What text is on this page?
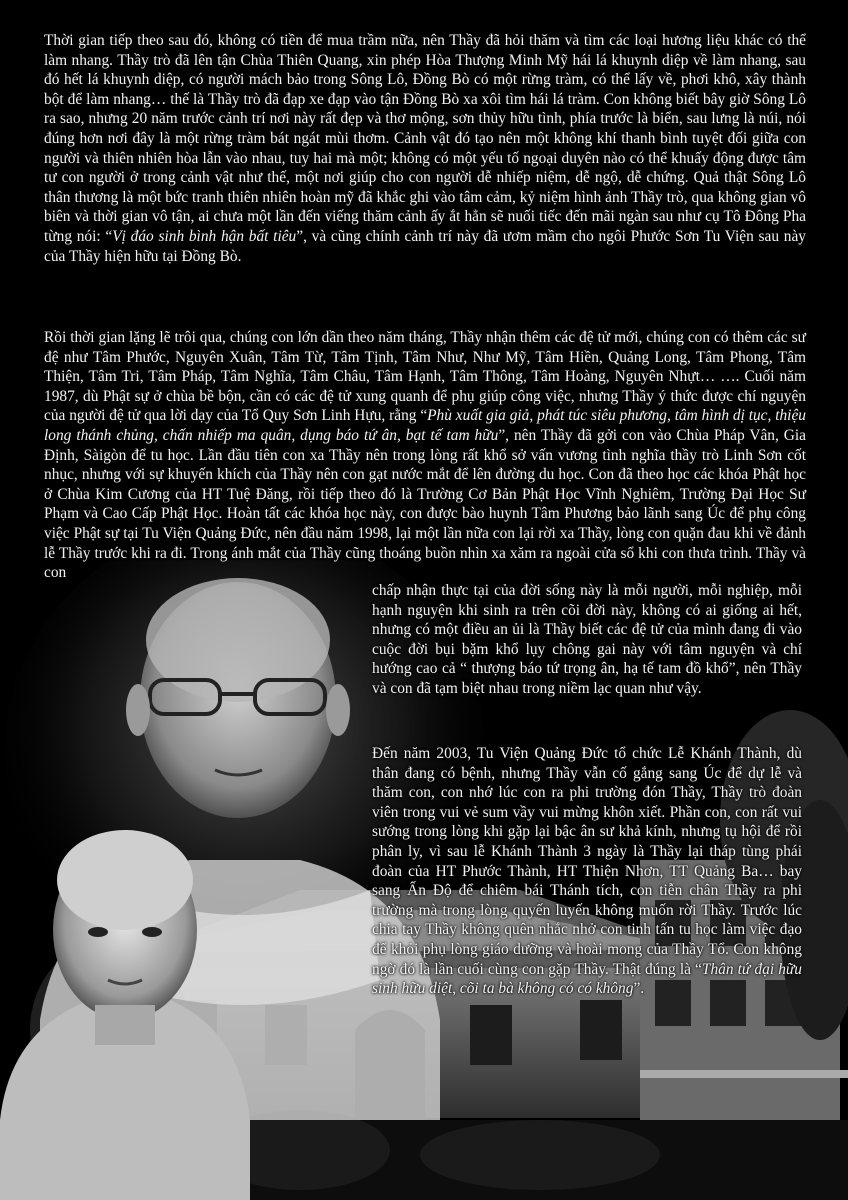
Thời gian tiếp theo sau đó, không có tiền để mua trầm nữa, nên Thầy đã hỏi thăm và tìm các loại hương liệu khác có thể làm nhang. Thầy trò đã lên tận Chùa Thiên Quang, xin phép Hòa Thượng Minh Mỹ hái lá khuynh diệp về làm nhang, sau đó hết lá khuynh diệp, có người mách bảo trong Sông Lô, Đồng Bò có một rừng tràm, có thể lấy về, phơi khô, xây thành bột để làm nhang… thế là Thầy trò đã đạp xe đạp vào tận Đồng Bò xa xôi tìm hái lá tràm. Con không biết bây giờ Sông Lô ra sao, nhưng 20 năm trước cảnh trí nơi này rất đẹp và thơ mộng, sơn thủy hữu tình, phía trước là biển, sau lưng là núi, nói đúng hơn nơi đây là một rừng tràm bát ngát mùi thơm. Cảnh vật đó tạo nên một không khí thanh bình tuyệt đối giữa con người và thiên nhiên hòa lẫn vào nhau, tuy hai mà một; không có một yếu tố ngoại duyên nào có thể khuấy động được tâm tư con người ở trong cảnh vật như thế, một nơi giúp cho con người dễ nhiếp niệm, dễ ngộ, dễ chứng. Quả thật Sông Lô thân thương là một bức tranh thiên nhiên hoàn mỹ đã khắc ghi vào tâm cảm, kỷ niệm hình ảnh Thầy trò, qua không gian vô biên và thời gian vô tận, ai chưa một lần đến viếng thăm cảnh ấy ắt hẳn sẽ nuối tiếc đến mãi ngàn sau như cụ Tô Đông Pha từng nói: “Vị đáo sinh bình hận bất tiêu”, và cũng chính cảnh trí này đã ươm mầm cho ngôi Phước Sơn Tu Viện sau này của Thầy hiện hữu tại Đồng Bò.

Rồi thời gian lặng lẽ trôi qua, chúng con lớn dần theo năm tháng, Thầy nhận thêm các đệ tử mới, chúng con có thêm các sư đệ như Tâm Phước, Nguyên Xuân, Tâm Từ, Tâm Tịnh, Tâm Như, Như Mỹ, Tâm Hiền, Quảng Long, Tâm Phong, Tâm Thiện, Tâm Tri, Tâm Pháp, Tâm Nghĩa, Tâm Châu, Tâm Hạnh, Tâm Thông, Tâm Hoàng, Nguyên Nhựt… …. Cuối năm 1987, dù Phật sự ở chùa bề bộn, cần có các đệ tử xung quanh để phụ giúp công việc, nhưng Thầy ý thức được chí nguyện của người đệ tử qua lời dạy của Tổ Quy Sơn Linh Hựu, rằng “Phù xuất gia giả, phát túc siêu phương, tâm hình dị tục, thiệu long thánh chủng, chấn nhiếp ma quân, dụng báo tứ ân, bạt tế tam hữu”, nên Thầy đã gởi con vào Chùa Pháp Vân, Gia Định, Sàigòn để tu học. Lần đầu tiên con xa Thầy nên trong lòng rất khổ sở vấn vương tình nghĩa thầy trò Linh Sơn cốt nhục, nhưng với sự khuyến khích của Thầy nên con gạt nước mắt để lên đường du học. Con đã theo học các khóa Phật học ở Chùa Kim Cương của HT Tuệ Đăng, rồi tiếp theo đó là Trường Cơ Bản Phật Học Vĩnh Nghiêm, Trường Đại Học Sư Phạm và Cao Cấp Phật Học. Hoàn tất các khóa học này, con được bào huynh Tâm Phương bảo lãnh sang Úc để phụ công việc Phật sự tại Tu Viện Quảng Đức, nên đầu năm 1998, lại một lần nữa con lại rời xa Thầy, lòng con quặn đau khi về đảnh lễ Thầy trước khi ra đi. Trong ánh mắt của Thầy cũng thoáng buồn nhìn xa xăm ra ngoài cửa sổ khi con thưa trình. Thầy và con

chấp nhận thực tại của đời sống này là mỗi người, mỗi nghiệp, mỗi hạnh nguyện khi sinh ra trên cõi đời này, không có ai giống ai hết, nhưng có một điều an ủi là Thầy biết các đệ tử của mình đang đi vào cuộc đời bụi bặm khổ lụy chông gai này với tâm nguyện và chí hướng cao cả “ thượng báo tứ trọng ân, hạ tế tam đồ khổ”, nên Thầy và con đã tạm biệt nhau trong niềm lạc quan như vậy.

Đến năm 2003, Tu Viện Quảng Đức tổ chức Lễ Khánh Thành, dù thân đang có bệnh, nhưng Thầy vẫn cố gắng sang Úc để dự lễ và thăm con, con nhớ lúc con ra phi trường đón Thầy, Thầy trò đoàn viên trong vui vẻ sum vầy vui mừng khôn xiết. Phần con, con rất vui sướng trong lòng khi gặp lại bậc ân sư khả kính, nhưng tụ hội để rồi phân ly, vì sau lễ Khánh Thành 3 ngày là Thầy lại tháp tùng phái đoàn của HT Phước Thành, HT Thiện Nhơn, TT Quảng Ba… bay sang Ấn Độ để chiêm bái Thánh tích, con tiễn chân Thầy ra phi trường mà trong lòng quyến luyến không muốn rời Thầy. Trước lúc chia tay Thầy không quên nhắc nhở con tinh tấn tu học làm việc đạo để khỏi phụ lòng giáo dưỡng và hoài mong của Thầy Tổ. Con không ngờ đó là lần cuối cùng con gặp Thầy. Thật đúng là “Thân tứ đại hữu sinh hữu diệt, cõi ta bà không có có không”.
